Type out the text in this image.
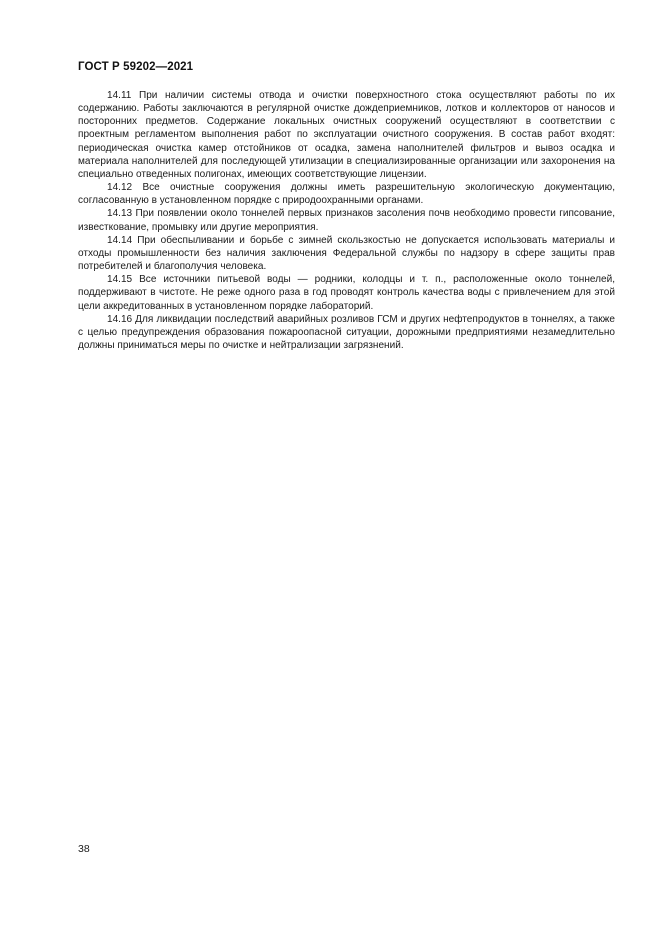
ГОСТ Р 59202—2021

14.11 При наличии системы отвода и очистки поверхностного стока осуществляют работы по их содержанию. Работы заключаются в регулярной очистке дождеприемников, лотков и коллекторов от наносов и посторонних предметов. Содержание локальных очистных сооружений осуществляют в соответствии с проектным регламентом выполнения работ по эксплуатации очистного сооружения. В состав работ входят: периодическая очистка камер отстойников от осадка, замена наполнителей фильтров и вывоз осадка и материала наполнителей для последующей утилизации в специализированные организации или захоронения на специально отведенных полигонах, имеющих соответствующие лицензии.

14.12 Все очистные сооружения должны иметь разрешительную экологическую документацию, согласованную в установленном порядке с природоохранными органами.

14.13 При появлении около тоннелей первых признаков засоления почв необходимо провести гипсование, известкование, промывку или другие мероприятия.

14.14 При обеспыливании и борьбе с зимней скользкостью не допускается использовать материалы и отходы промышленности без наличия заключения Федеральной службы по надзору в сфере защиты прав потребителей и благополучия человека.

14.15 Все источники питьевой воды — родники, колодцы и т. п., расположенные около тоннелей, поддерживают в чистоте. Не реже одного раза в год проводят контроль качества воды с привлечением для этой цели аккредитованных в установленном порядке лабораторий.

14.16 Для ликвидации последствий аварийных розливов ГСМ и других нефтепродуктов в тоннелях, а также с целью предупреждения образования пожароопасной ситуации, дорожными предприятиями незамедлительно должны приниматься меры по очистке и нейтрализации загрязнений.

38
